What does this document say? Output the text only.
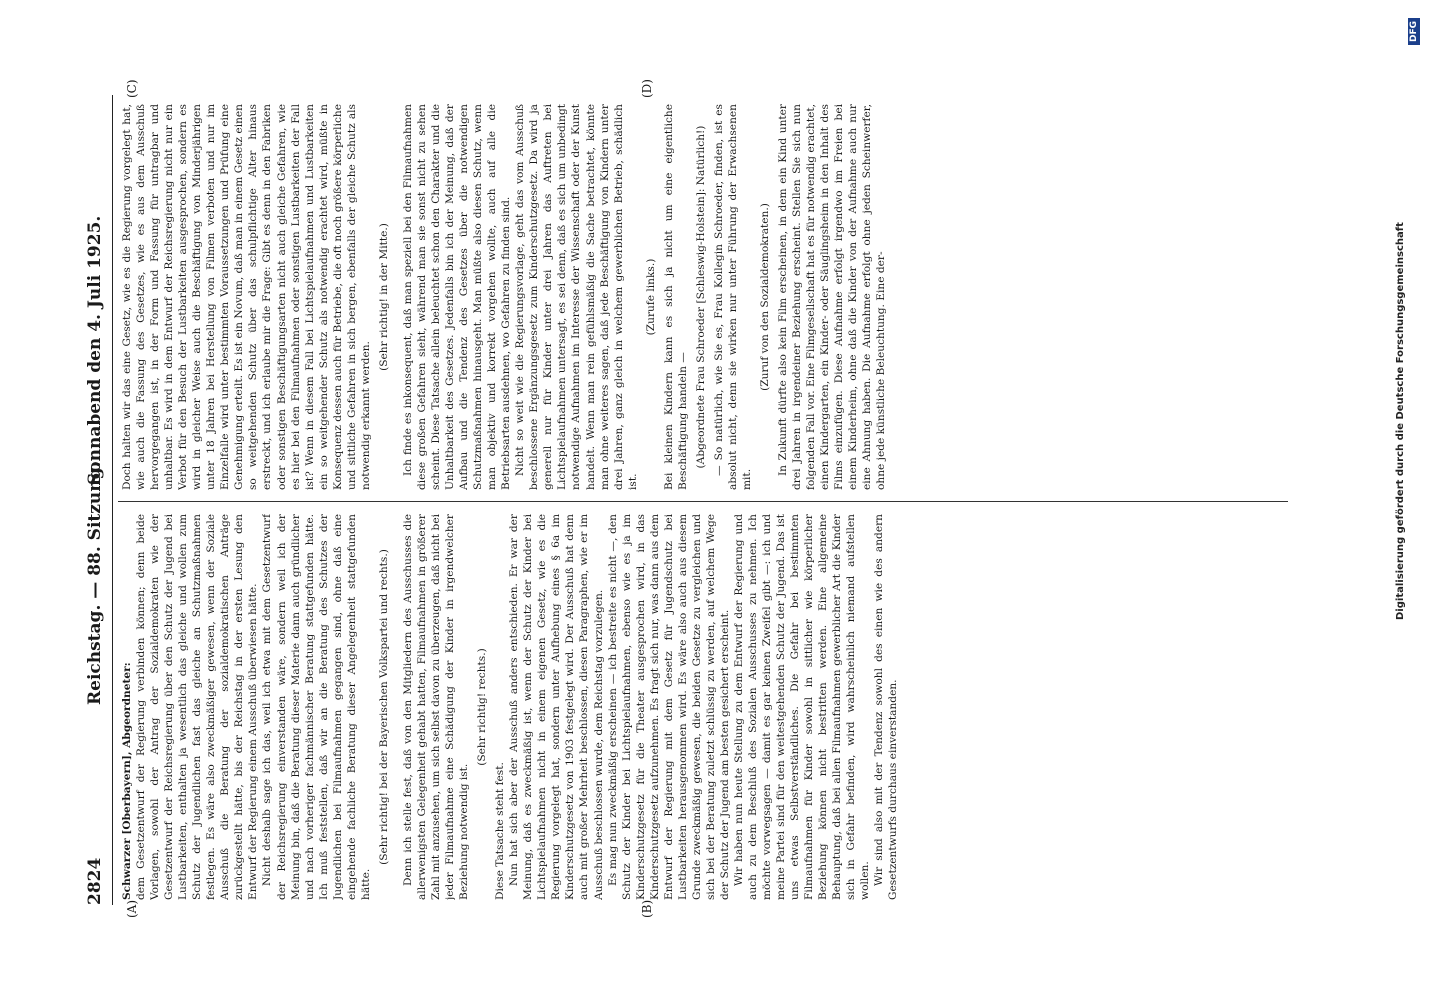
2824
Reichstag. — 88. Sitzung.
Sonnabend den 4. Juli 1925.
(A)	(B)
(C)	(D)

Schwarzer [Oberbayern], Abgeordneter: dem Gesetzentwurf der Regierung verbinden können; denn beide Vorlagen, sowohl der Antrag der Sozialdemokraten wie der Gesetzentwurf der Reichsregierung über den Schutz der Jugend bei Lustbarkeiten, enthalten ja wesentlich das gleiche und wollen zum Schutz der Jugendlichen fast das gleiche an Schutzmaßnahmen festlegen. Es wäre also zweckmäßiger gewesen, wenn der Soziale Ausschuß die Beratung der sozialdemokratischen Anträge zurückgestellt hätte, bis der Reichstag in der ersten Lesung den Entwurf der Regierung einem Ausschuß überwiesen hätte. Nicht deshalb sage ich das, weil ich etwa mit dem Gesetzentwurf der Reichsregierung einverstanden wäre, sondern weil ich der Meinung bin, daß die Beratung dieser Materie dann auch gründlicher und nach vorheriger fachmännischer Beratung stattgefunden hätte. Ich muß feststellen, daß wir an die Beratung des Schutzes der Jugendlichen bei Filmaufnahmen gegangen sind, ohne daß eine eingehende fachliche Beratung dieser Angelegenheit stattgefunden hätte.

(Sehr richtig! bei der Bayerischen Volkspartei und rechts.) Denn ich stelle fest, daß von den Mitgliedern des Ausschusses die allerwenigsten Gelegenheit gehabt hatten, Filmaufnahmen in größerer Zahl mit anzusehen, um sich selbst davon zu überzeugen, daß nicht bei jeder Filmaufnahme eine Schädigung der Kinder in irgendwelcher Beziehung notwendig ist.

(Sehr richtig! rechts.)

Diese Tatsache steht fest. Nun hat sich aber der Ausschuß anders entschieden. Er war der Meinung, daß es zweckmäßig ist, wenn der Schutz der Kinder bei Lichtspielaufnahmen nicht in einem eigenen Gesetz, wie es die Regierung vorgelegt hat, sondern unter Aufhebung eines § 6a im Kinderschutzgesetz von 1903 festgelegt wird. Der Ausschuß hat denn auch mit großer Mehrheit beschlossen, diesen Paragraphen, wie er im Ausschuß beschlossen wurde, dem Reichstag vorzulegen. Es mag nun zweckmäßig erscheinen — ich bestreite es nicht —, den Schutz der Kinder bei Lichtspielaufnahmen, ebenso wie es ja im Kinderschutzgesetz für die Theater ausgesprochen wird, in das Kinderschutzgesetz aufzunehmen. Es fragt sich nur, was dann aus dem Entwurf der Regierung mit dem Gesetz für Jugendschutz bei Lustbarkeiten herausgenommen wird. Es wäre also auch aus diesem Grunde zweckmäßig gewesen, die beiden Gesetze zu vergleichen und sich bei der Beratung zuletzt schlüssig zu werden, auf welchem Wege der Schutz der Jugend am besten gesichert erscheint. Wir haben nun heute Stellung zu dem Entwurf der Regierung und auch zu dem Beschluß des Sozialen Ausschusses zu nehmen. Ich möchte vorwegsagen — damit es gar keinen Zweifel gibt —: ich und meine Partei sind für den weitestgehenden Schutz der Jugend. Das ist uns etwas Selbstverständliches. Die Gefahr bei bestimmten Filmaufnahmen für Kinder sowohl in sittlicher wie körperlicher Beziehung können nicht bestritten werden. Eine allgemeine Behauptung, daß bei allen Filmaufnahmen gewerblicher Art die Kinder sich in Gefahr befinden, wird wahrscheinlich niemand aufstellen wollen. Wir sind also mit der Tendenz sowohl des einen wie des andern Gesetzentwurfs durchaus einverstanden.

Doch halten wir das eine Gesetz, wie es die Regierung vorgelegt hat, wie auch die Fassung des Gesetzes, wie es aus dem Ausschuß hervorgegangen ist, in der Form und Fassung für untragbar und unhaltbar. Es wird in dem Entwurf der Reichsregierung nicht nur ein Verbot für den Besuch der Lustbarkeiten ausgesprochen, sondern es wird in gleicher Weise auch die Beschäftigung von Minderjährigen unter 18 Jahren bei Herstellung von Filmen verboten und nur im Einzelfalle wird unter bestimmten Voraussetzungen und Prüfung eine Genehmigung erteilt. Es ist ein Novum, daß man in einem Gesetz einen so weitgehenden Schutz über das schulpflichtige Alter hinaus erstreckt, und ich erlaube mir die Frage: Gibt es denn in den Fabriken oder sonstigen Beschäftigungsarten nicht auch gleiche Gefahren, wie es hier bei den Filmaufnahmen oder sonstigen Lustbarkeiten der Fall ist? Wenn in diesem Fall bei Lichtspielaufnahmen und Lustbarkeiten ein so weitgehender Schutz als notwendig erachtet wird, müßte in Konsequenz dessen auch für Betriebe, die oft noch größere körperliche und sittliche Gefahren in sich bergen, ebenfalls der gleiche Schutz als notwendig erkannt werden.

(Sehr richtig! in der Mitte.) Ich finde es inkonsequent, daß man speziell bei den Filmaufnahmen diese großen Gefahren sieht, während man sie sonst nicht zu sehen scheint. Diese Tatsache allein beleuchtet schon den Charakter und die Unhaltbarkeit des Gesetzes. Jedenfalls bin ich der Meinung, daß der Aufbau und die Tendenz des Gesetzes über die notwendigen Schutzmaßnahmen hinausgeht. Man müßte also diesen Schutz, wenn man objektiv und korrekt vorgehen wollte, auch auf alle die Betriebsarten ausdehnen, wo Gefahren zu finden sind. Nicht so weit wie die Regierungsvorlage, geht das vom Ausschuß beschlossene Ergänzungsgesetz zum Kinderschutzgesetz. Da wird ja generell nur für Kinder unter drei Jahren das Auftreten bei Lichtspielaufnahmen untersagt, es sei denn, daß es sich um unbedingt notwendige Aufnahmen im Interesse der Wissenschaft oder der Kunst handelt. Wenn man rein gefühlsmäßig die Sache betrachtet, könnte man ohne weiteres sagen, daß jede Beschäftigung von Kindern unter drei Jahren, ganz gleich in welchem gewerblichen Betrieb, schädlich ist.

(Zurufe links.) Bei kleinen Kindern kann es sich ja nicht um eine eigentliche Beschäftigung handeln — (Abgeordnete Frau Schroeder [Schleswig-Holstein]: Natürlich!) — So natürlich, wie Sie es, Frau Kollegin Schroeder, finden, ist es absolut nicht, denn sie wirken nur unter Führung der Erwachsenen mit.

(Zuruf von den Sozialdemokraten.) In Zukunft dürfte also kein Film erscheinen, in dem ein Kind unter drei Jahren in irgendeiner Beziehung erscheint. Stellen Sie sich nun folgenden Fall vor. Eine Filmgesellschaft hat es für notwendig erachtet, einen Kindergarten, ein Kinder- oder Säuglingsheim in den Inhalt des Films einzufügen. Diese Aufnahme erfolgt irgendwo im Freien bei einem Kinderheim, ohne daß die Kinder von der Aufnahme auch nur eine Ahnung haben. Die Aufnahme erfolgt ohne jeden Scheinwerfer, ohne jede künstliche Beleuchtung. Eine der-	Digitalisierung gefördert durch die Deutsche Forschungsgemeinschaft
DFG
